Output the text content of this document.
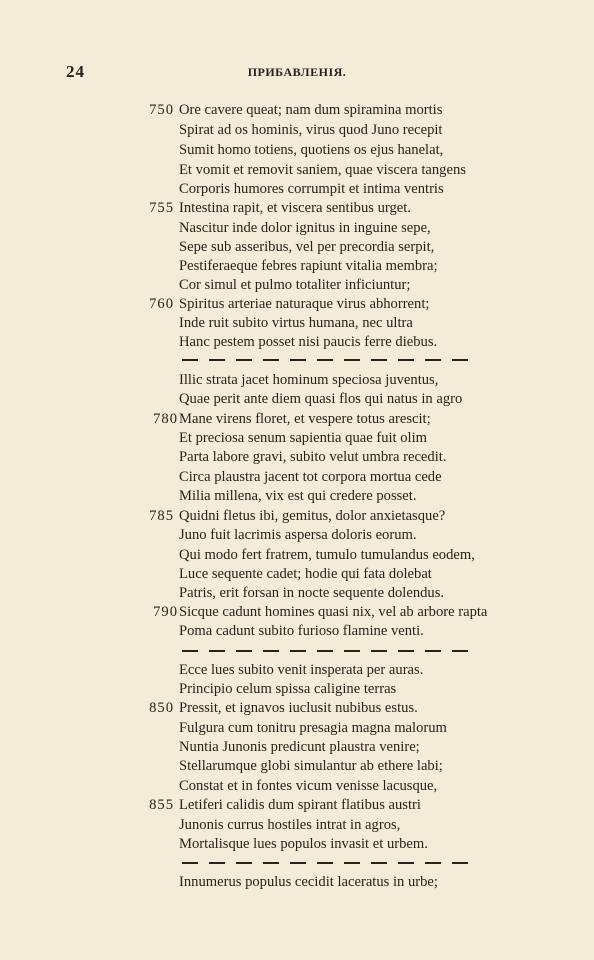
24	ПРИБАВЛЕНIЯ.
750 Ore cavere queat; nam dum spiramina mortis
Spirat ad os hominis, virus quod Juno recepit
Sumit homo totiens, quotiens os ejus hanelat,
Et vomit et removit saniem, quae viscera tangens
Corporis humores corrumpit et intima ventris
755 Intestina rapit, et viscera sentibus urget.
Nascitur inde dolor ignitus in inguine sepe,
Sepe sub asseribus, vel per precordia serpit,
Pestiferaeque febres rapiunt vitalia membra;
Cor simul et pulmo totaliter inficiuntur;
760 Spiritus arteriae naturaque virus abhorrent;
Inde ruit subito virtus humana, nec ultra
Hanc pestem posset nisi paucis ferre diebus.
Illic strata jacet hominum speciosa juventus,
Quae perit ante diem quasi flos qui natus in agro
780 Mane virens floret, et vespere totus arescit;
Et preciosa senum sapientia quae fuit olim
Parta labore gravi, subito velut umbra recedit.
Circa plaustra jacent tot corpora mortua cede
Milia millena, vix est qui credere posset.
785 Quidni fletus ibi, gemitus, dolor anxietasque?
Juno fuit lacrimis aspersa doloris eorum.
Qui modo fert fratrem, tumulo tumulandus eodem,
Luce sequente cadet; hodie qui fata dolebat
Patris, erit forsan in nocte sequente dolendus.
790 Sicque cadunt homines quasi nix, vel ab arbore rapta
Poma cadunt subito furioso flamine venti.
Ecce lues subito venit insperata per auras.
Principio celum spissa caligine terras
850 Pressit, et ignavos iuclusit nubibus estus.
Fulgura cum tonitru presagia magna malorum
Nuntia Junonis predicunt plaustra venire;
Stellarumque globi simulantur ab ethere labi;
Constat et in fontes vicum venisse lacusque,
855 Letiferi calidis dum spirant flatibus austri
Junonis currus hostiles intrat in agros,
Mortalisque lues populos invasit et urbem.
Innumerus populus cecidit laceratus in urbe;
